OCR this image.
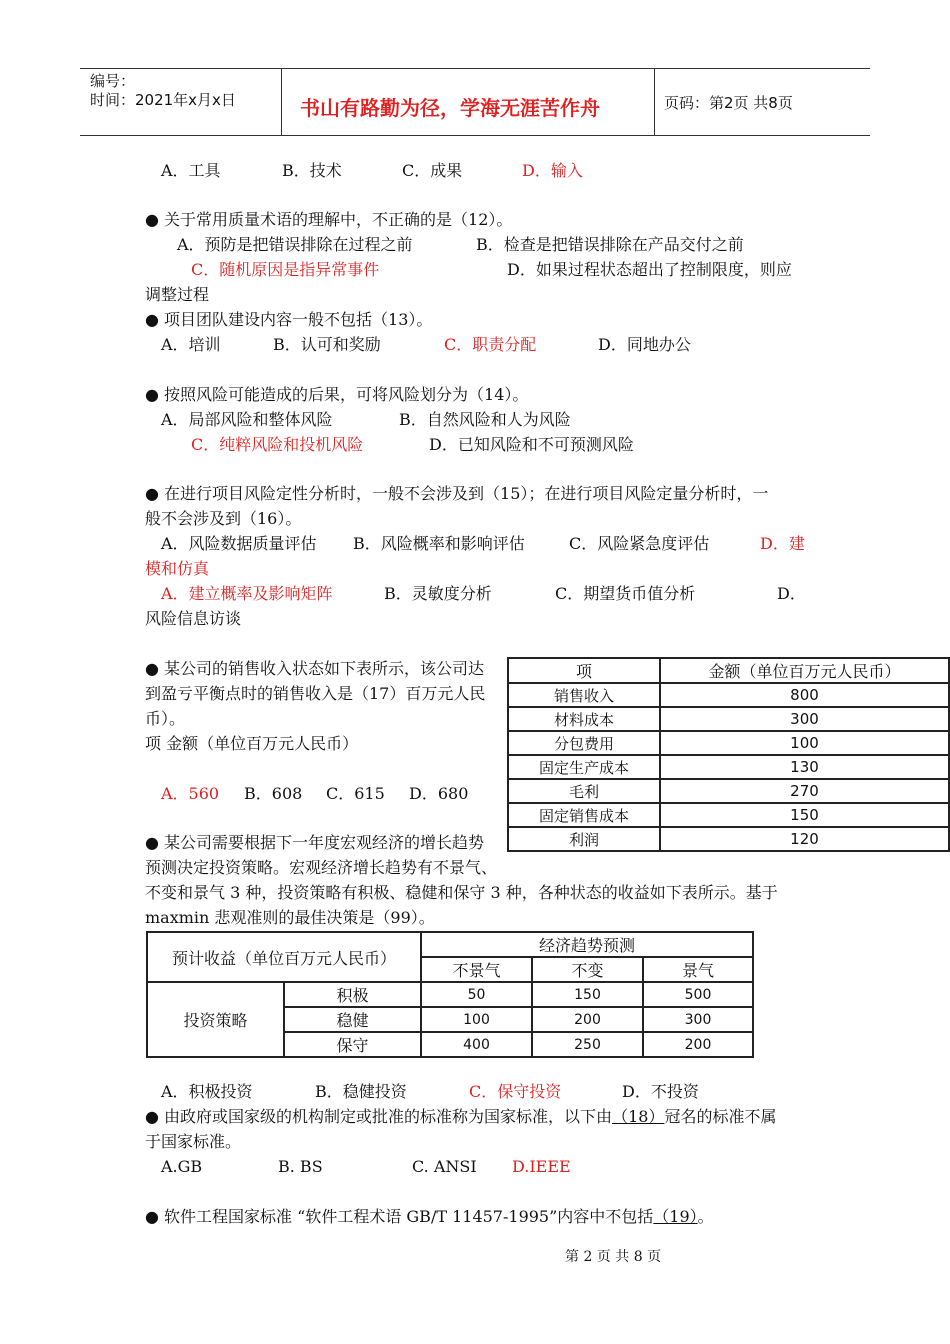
编号：
时间：2021年x月x日	书山有路勤为径，学海无涯苦作舟	页码：第2页 共8页
A．工具	B．技术	C．成果	D．输入
● 关于常用质量术语的理解中，不正确的是（12）。
A．预防是把错误排除在过程之前	B．检查是把错误排除在产品交付之前
C．随机原因是指异常事件	D．如果过程状态超出了控制限度，则应
调整过程
● 项目团队建设内容一般不包括（13）。
A．培训	B．认可和奖励	C．职责分配	D．同地办公
● 按照风险可能造成的后果，可将风险划分为（14）。
A．局部风险和整体风险	B．自然风险和人为风险
C．纯粹风险和投机风险	D．已知风险和不可预测风险
● 在进行项目风险定性分析时，一般不会涉及到（15）；在进行项目风险定量分析时，一
般不会涉及到（16）。
A．风险数据质量评估 B．风险概率和影响评估	C．风险紧急度评估	D．建
模和仿真
A．建立概率及影响矩阵	B．灵敏度分析	C．期望货币值分析	D．
风险信息访谈
● 某公司的销售收入状态如下表所示，该公司达
到盈亏平衡点时的销售收入是（17）百万元人民
币）。
项 金额（单位百万元人民币）
A．560 B．608 C．615 D．680
● 某公司需要根据下一年度宏观经济的增长趋势
预测决定投资策略。宏观经济增长趋势有不景气、
不变和景气 3 种，投资策略有积极、稳健和保守 3 种，各种状态的收益如下表所示。基于
maxmin 悲观准则的最佳决策是（99）。
A．积极投资	B．稳健投资	C．保守投资	D．不投资
● 由政府或国家级的机构制定或批准的标准称为国家标准，以下由（18）冠名的标准不属
于国家标准。
A.GB	B. BS	C. ANSI D.IEEE
● 软件工程国家标准 “软件工程术语 GB/T 11457-1995”内容中不包括（19）。
项	金额（单位百万元人民币）
销售收入	800
材料成本	300
分包费用	100
固定生产成本	130
毛利	270
固定销售成本	150
利润	120
预计收益（单位百万元人民币）		经济趋势预测		
		不景气	不变	景气
投资策略	积极	50	150	500
	稳健	100	200	300
	保守	400	250	200
第 2 页 共 8 页
